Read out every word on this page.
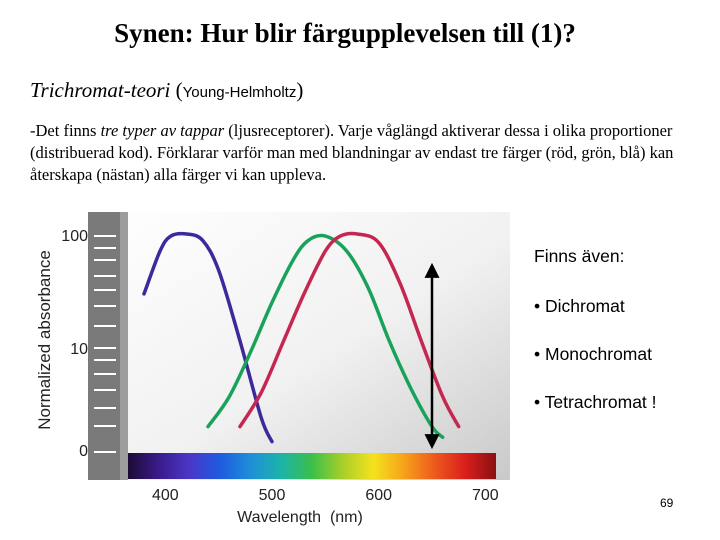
Synen: Hur blir färgupplevelsen till (1)?
Trichromat-teori (Young-Helmholtz)
-Det finns tre typer av tappar (ljusreceptorer). Varje våglängd aktiverar dessa i olika proportioner (distribuerad kod). Förklarar varför man med blandningar av endast tre färger (röd, grön, blå) kan återskapa (nästan) alla färger vi kan uppleva.
Normalized absorbance
Wavelength  (nm)
400	500	600	700
0
10
100
Finns även:
• Dichromat
• Monochromat
• Tetrachromat !
69
